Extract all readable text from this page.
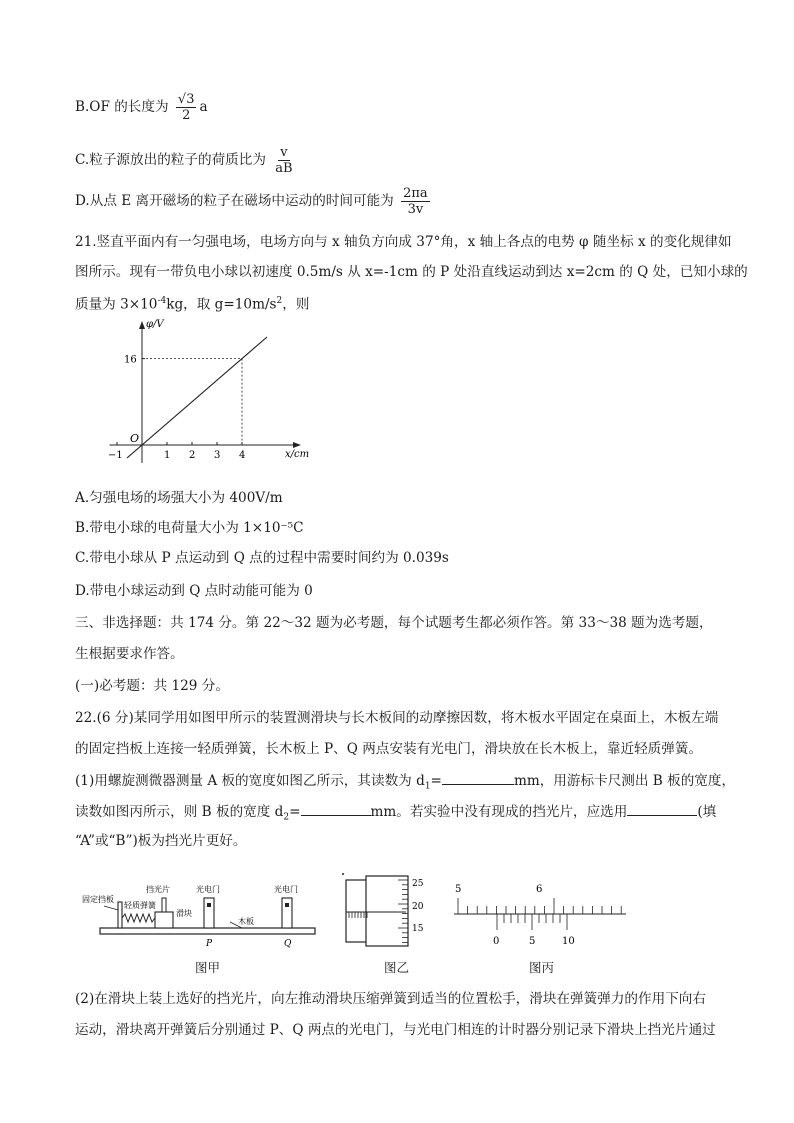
B.OF 的长度为 $\frac{√3}{2}$ a
C.粒子源放出的粒子的荷质比为 $\frac{v}{aB}$
D.从点 E 离开磁场的粒子在磁场中运动的时间可能为 $\frac{2\pi a}{3v}$
21.竖直平面内有一匀强电场，电场方向与 x 轴负方向成 37°角，x 轴上各点的电势 φ 随坐标 x 的变化规律如
图所示。现有一带负电小球以初速度 0.5m/s 从 x=-1cm 的 P 处沿直线运动到达 x=2cm 的 Q 处，已知小球的
质量为 $3\times 10^{-4}kg$，取 $g=10m/s^2$，则
φ/V
x/cm
O
−1	1 2 3 4
16
A.匀强电场的场强大小为 400V/m
B.带电小球的电荷量大小为 1×10⁻⁵C
C.带电小球从 P 点运动到 Q 点的过程中需要时间约为 0.039s
D.带电小球运动到 Q 点时动能可能为 0
三、非选择题：共 174 分。第 22～32 题为必考题，每个试题考生都必须作答。第 33～38 题为选考题，
生根据要求作答。
(一)必考题：共 129 分。
22.(6 分)某同学用如图甲所示的装置测滑块与长木板间的动摩擦因数，将木板水平固定在桌面上，木板左端
的固定挡板上连接一轻质弹簧，长木板上 P、Q 两点安装有光电门，滑块放在长木板上，靠近轻质弹簧。
(1)用螺旋测微器测量 A 板的宽度如图乙所示，其读数为 $d_1=$	mm，用游标卡尺测出 B 板的宽度，
读数如图丙所示，则 B 板的宽度 $d_2=$	mm。若实验中没有现成的挡光片，应选用	(填
“A”或“B”)板为挡光片更好。
固定挡板
轻质弹簧
挡光片
滑块
光电门	光电门
木板
P	Q
图甲
25
20
15
图乙
5	6
0	5	10
图丙
(2)在滑块上装上选好的挡光片，向左推动滑块压缩弹簧到适当的位置松手，滑块在弹簧弹力的作用下向右
运动，滑块离开弹簧后分别通过 P、Q 两点的光电门，与光电门相连的计时器分别记录下滑块上挡光片通过
